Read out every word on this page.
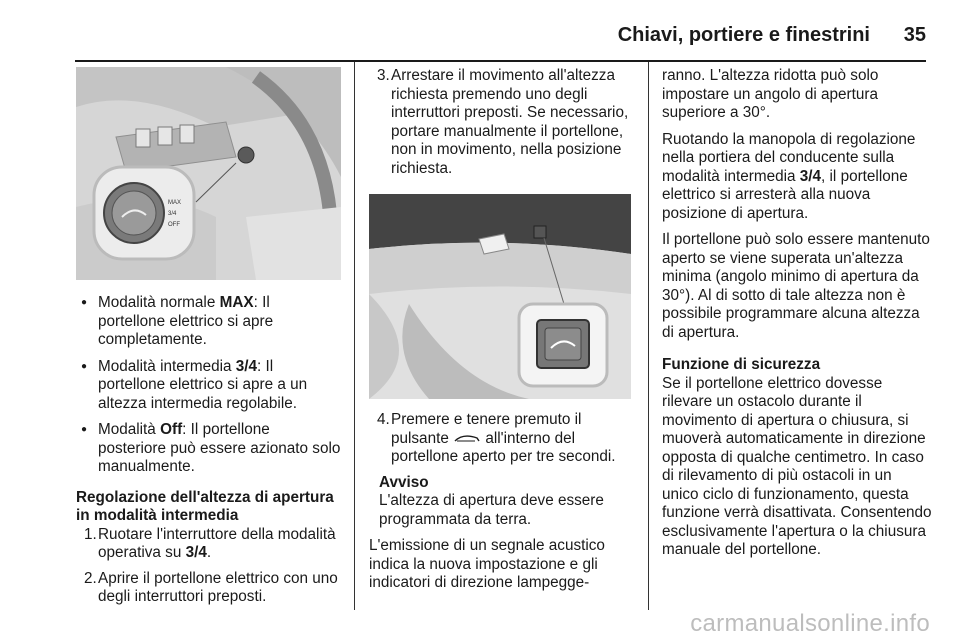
Chiavi, portiere e finestrini 35
MAX
3/4
OFF
● Modalità normale MAX: Il portellone elettrico si apre completamente.
● Modalità intermedia 3/4: Il portellone elettrico si apre a un altezza intermedia regolabile.
● Modalità Off: Il portellone posteriore può essere azionato solo manualmente.
Regolazione dell'altezza di apertura in modalità intermedia
1. Ruotare l'interruttore della modalità operativa su 3/4.
2. Aprire il portellone elettrico con uno degli interruttori preposti.
3. Arrestare il movimento all'altezza richiesta premendo uno degli interruttori preposti. Se necessario, portare manualmente il portellone, non in movimento, nella posizione richiesta.
4. Premere e tenere premuto il pulsante  all'interno del portellone aperto per tre secondi.
Avviso
L'altezza di apertura deve essere programmata da terra.

L'emissione di un segnale acustico indica la nuova impostazione e gli indicatori di direzione lampegge-

ranno. L'altezza ridotta può solo impostare un angolo di apertura superiore a 30°.

Ruotando la manopola di regolazione nella portiera del conducente sulla modalità intermedia 3/4, il portellone elettrico si arresterà alla nuova posizione di apertura.

Il portellone può solo essere mantenuto aperto se viene superata un'altezza minima (angolo minimo di apertura da 30°). Al di sotto di tale altezza non è possibile programmare alcuna altezza di apertura.

Funzione di sicurezza

Se il portellone elettrico dovesse rilevare un ostacolo durante il movimento di apertura o chiusura, si muoverà automaticamente in direzione opposta di qualche centimetro. In caso di rilevamento di più ostacoli in un unico ciclo di funzionamento, questa funzione verrà disattivata. Consentendo esclusivamente l'apertura o la chiusura manuale del portellone.

carmanualsonline.info
